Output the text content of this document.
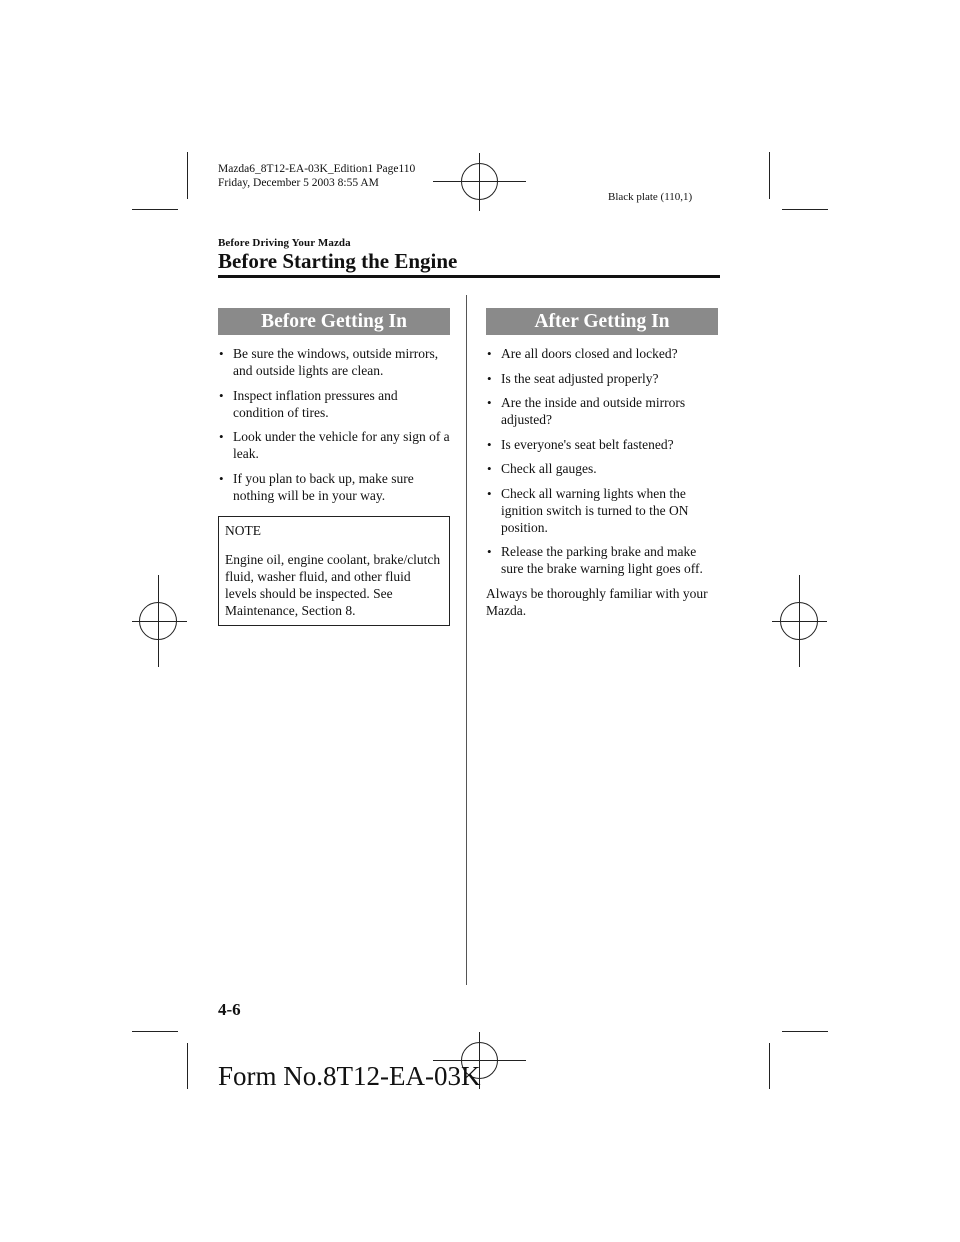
Mazda6_8T12-EA-03K_Edition1 Page110
Friday, December 5 2003 8:55 AM
Black plate (110,1)
Before Driving Your Mazda
Before Starting the Engine
Before Getting In
• Be sure the windows, outside mirrors, and outside lights are clean.
• Inspect inflation pressures and condition of tires.
• Look under the vehicle for any sign of a leak.
• If you plan to back up, make sure nothing will be in your way.
NOTE
Engine oil, engine coolant, brake/clutch fluid, washer fluid, and other fluid levels should be inspected. See Maintenance, Section 8.
After Getting In
• Are all doors closed and locked?
• Is the seat adjusted properly?
• Are the inside and outside mirrors adjusted?
• Is everyone's seat belt fastened?
• Check all gauges.
• Check all warning lights when the ignition switch is turned to the ON position.
• Release the parking brake and make sure the brake warning light goes off.
Always be thoroughly familiar with your Mazda.
4-6
Form No.8T12-EA-03K
